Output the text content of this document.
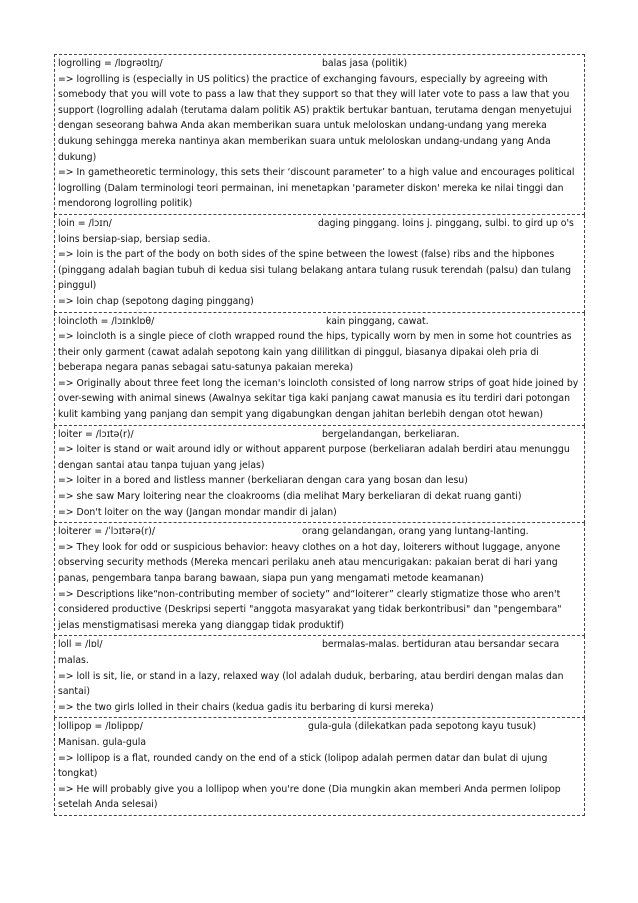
logrolling = /lɒgrəʊlɪŋ/	balas jasa (politik)

=> logrolling is (especially in US politics) the practice of exchanging favours, especially by agreeing with somebody that you will vote to pass a law that they support so that they will later vote to pass a law that you support (logrolling adalah (terutama dalam politik AS) praktik bertukar bantuan, terutama dengan menyetujui dengan seseorang bahwa Anda akan memberikan suara untuk meloloskan undang-undang yang mereka dukung sehingga mereka nantinya akan memberikan suara untuk meloloskan undang-undang yang Anda dukung)

=> In gametheoretic terminology, this sets their ‘discount parameter’ to a high value and encourages political logrolling (Dalam terminologi teori permainan, ini menetapkan 'parameter diskon' mereka ke nilai tinggi dan mendorong logrolling politik)

loin = /lɔɪn/	daging pinggang. loins j. pinggang, sulbi. to gird up o's

loins bersiap-siap, bersiap sedia.

=> loin is the part of the body on both sides of the spine between the lowest (false) ribs and the hipbones (pinggang adalah bagian tubuh di kedua sisi tulang belakang antara tulang rusuk terendah (palsu) dan tulang pinggul)

=> loin chap (sepotong daging pinggang)

loincloth = /lɔɪnklɒθ/	kain pinggang, cawat.

=> loincloth is a single piece of cloth wrapped round the hips, typically worn by men in some hot countries as their only garment (cawat adalah sepotong kain yang dililitkan di pinggul, biasanya dipakai oleh pria di beberapa negara panas sebagai satu-satunya pakaian mereka)

=> Originally about three feet long the iceman's loincloth consisted of long narrow strips of goat hide joined by over-sewing with animal sinews (Awalnya sekitar tiga kaki panjang cawat manusia es itu terdiri dari potongan kulit kambing yang panjang dan sempit yang digabungkan dengan jahitan berlebih dengan otot hewan)

loiter = /lɔɪtə(r)/	bergelandangan, berkeliaran.

=> loiter is stand or wait around idly or without apparent purpose (berkeliaran adalah berdiri atau menunggu dengan santai atau tanpa tujuan yang jelas)

=> loiter in a bored and listless manner (berkeliaran dengan cara yang bosan dan lesu)

=> she saw Mary loitering near the cloakrooms (dia melihat Mary berkeliaran di dekat ruang ganti)

=> Don't loiter on the way (Jangan mondar mandir di jalan)

loiterer = /ˈlɔɪtərə(r)/	orang gelandangan, orang yang luntang-lanting.

=> They look for odd or suspicious behavior: heavy clothes on a hot day, loiterers without luggage, anyone observing security methods (Mereka mencari perilaku aneh atau mencurigakan: pakaian berat di hari yang panas, pengembara tanpa barang bawaan, siapa pun yang mengamati metode keamanan)

=> Descriptions like“non-contributing member of society” and“loiterer” clearly stigmatize those who aren't considered productive (Deskripsi seperti "anggota masyarakat yang tidak berkontribusi" dan "pengembara" jelas menstigmatisasi mereka yang dianggap tidak produktif)

loll = /lɒl/	bermalas-malas. bertiduran atau bersandar secara

malas.

=> loll is sit, lie, or stand in a lazy, relaxed way (lol adalah duduk, berbaring, atau berdiri dengan malas dan santai)

=> the two girls lolled in their chairs (kedua gadis itu berbaring di kursi mereka)

lollipop = /lɒlipɒp/	gula-gula (dilekatkan pada sepotong kayu tusuk)

Manisan. gula-gula

=> lollipop is a flat, rounded candy on the end of a stick (lolipop adalah permen datar dan bulat di ujung tongkat)

=> He will probably give you a lollipop when you're done (Dia mungkin akan memberi Anda permen lolipop setelah Anda selesai)
